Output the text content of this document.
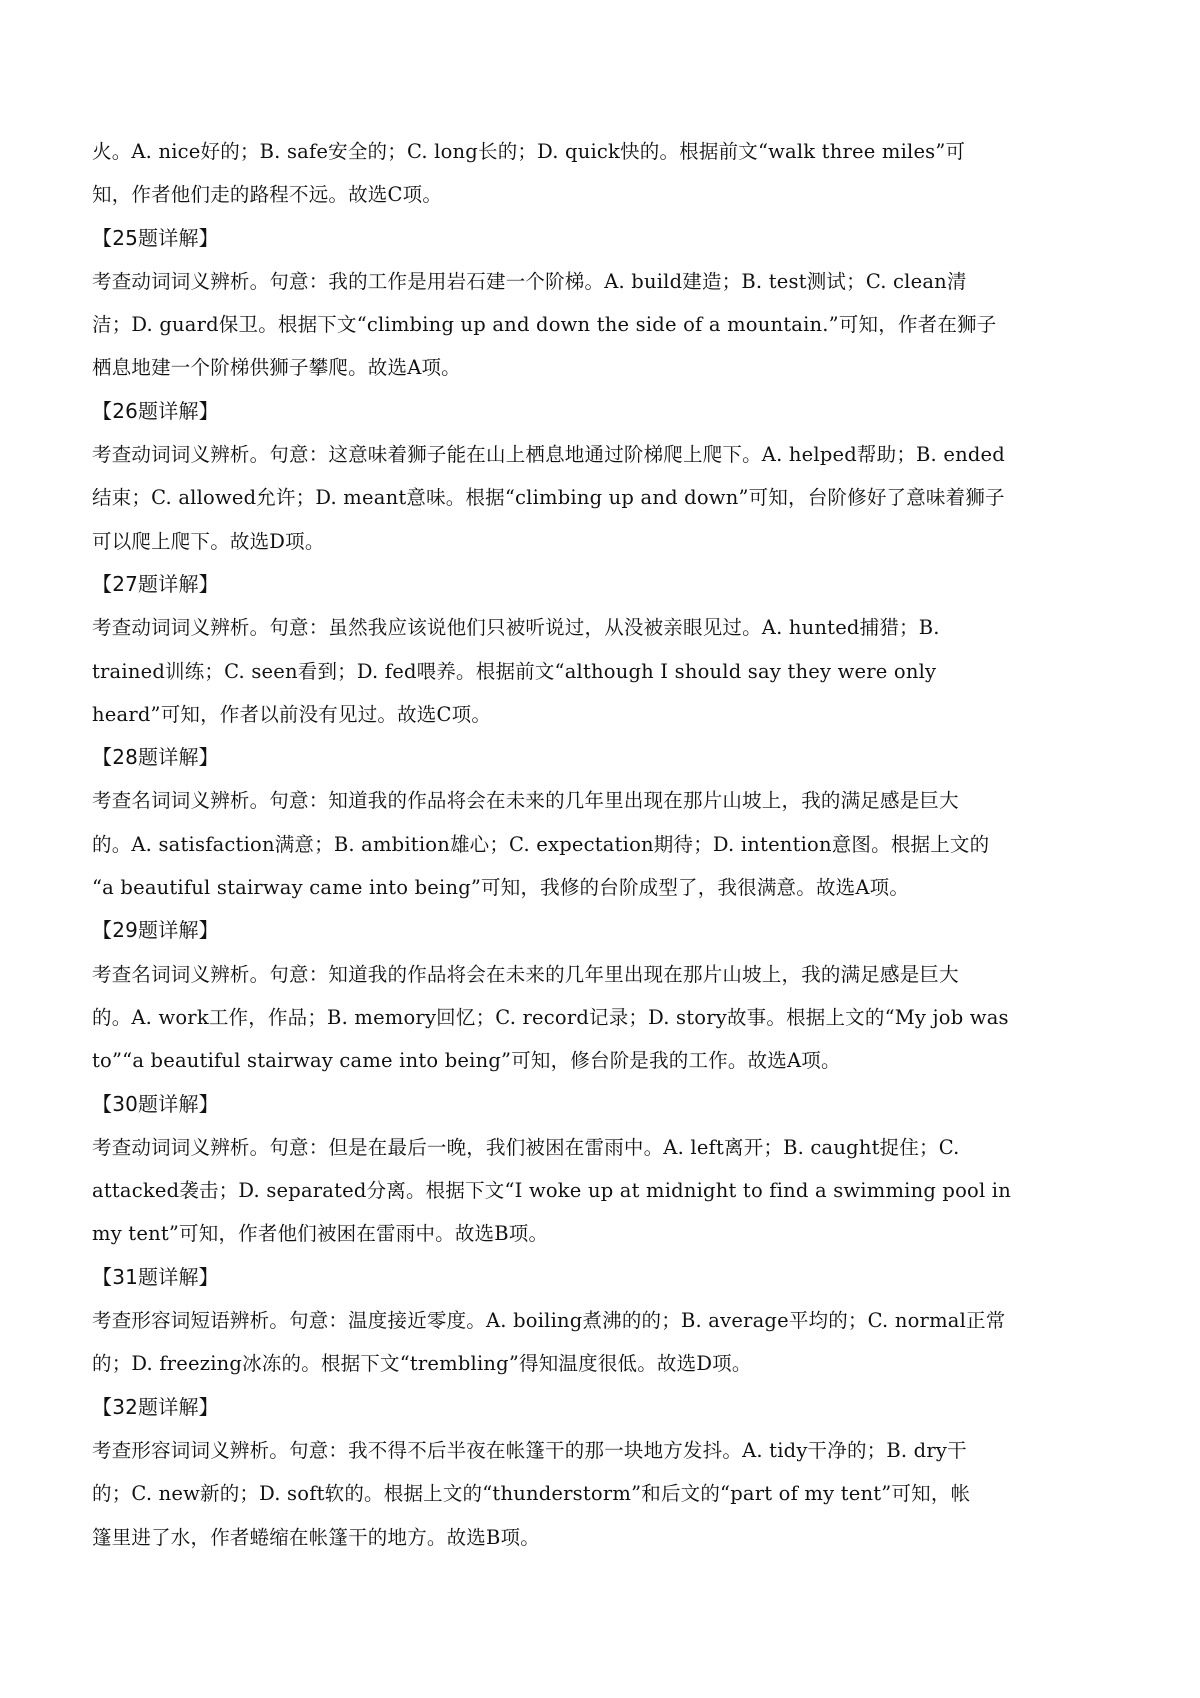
火。A. nice好的；B. safe安全的；C. long长的；D. quick快的。根据前文“walk three miles”可
知，作者他们走的路程不远。故选C项。
【25题详解】
考查动词词义辨析。句意：我的工作是用岩石建一个阶梯。A. build建造；B. test测试；C. clean清
洁；D. guard保卫。根据下文“climbing up and down the side of a mountain.”可知，作者在狮子
栖息地建一个阶梯供狮子攀爬。故选A项。
【26题详解】
考查动词词义辨析。句意：这意味着狮子能在山上栖息地通过阶梯爬上爬下。A. helped帮助；B. ended
结束；C. allowed允许；D. meant意味。根据“climbing up and down”可知，台阶修好了意味着狮子
可以爬上爬下。故选D项。
【27题详解】
考查动词词义辨析。句意：虽然我应该说他们只被听说过，从没被亲眼见过。A. hunted捕猎；B.
trained训练；C. seen看到；D. fed喂养。根据前文“although I should say they were only
heard”可知，作者以前没有见过。故选C项。
【28题详解】
考查名词词义辨析。句意：知道我的作品将会在未来的几年里出现在那片山坡上，我的满足感是巨大
的。A. satisfaction满意；B. ambition雄心；C. expectation期待；D. intention意图。根据上文的
“a beautiful stairway came into being”可知，我修的台阶成型了，我很满意。故选A项。
【29题详解】
考查名词词义辨析。句意：知道我的作品将会在未来的几年里出现在那片山坡上，我的满足感是巨大
的。A. work工作，作品；B. memory回忆；C. record记录；D. story故事。根据上文的“My job was
to”“a beautiful stairway came into being”可知，修台阶是我的工作。故选A项。
【30题详解】
考查动词词义辨析。句意：但是在最后一晚，我们被困在雷雨中。A. left离开；B. caught捉住；C.
attacked袭击；D. separated分离。根据下文“I woke up at midnight to find a swimming pool in
my tent”可知，作者他们被困在雷雨中。故选B项。
【31题详解】
考查形容词短语辨析。句意：温度接近零度。A. boiling煮沸的的；B. average平均的；C. normal正常
的；D. freezing冰冻的。根据下文“trembling”得知温度很低。故选D项。
【32题详解】
考查形容词词义辨析。句意：我不得不后半夜在帐篷干的那一块地方发抖。A. tidy干净的；B. dry干
的；C. new新的；D. soft软的。根据上文的“thunderstorm”和后文的“part of my tent”可知，帐
篷里进了水，作者蜷缩在帐篷干的地方。故选B项。
